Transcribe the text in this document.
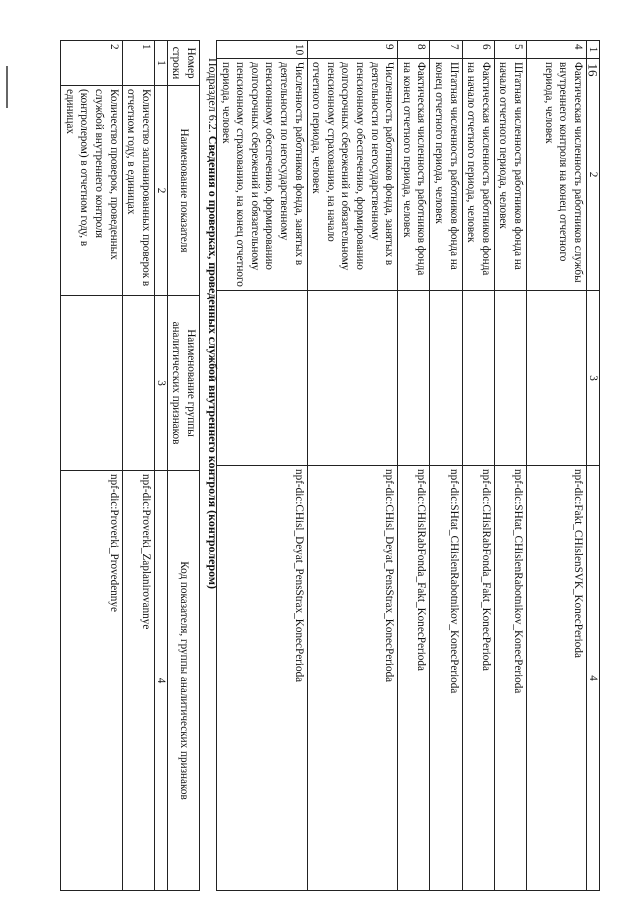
16
1	2	3	4
4	Фактическая численность работников службы внутреннего контроля на конец отчетного периода, человек		npf-dic:Fakt_CHislenSVK_KonecPerioda
5	Штатная численность работников фонда на начало отчетного периода, человек		npf-dic:SHtat_CHislenRabotnikov_KonecPerioda
6	Фактическая численность работников фонда на начало отчетного периода, человек		npf-dic:CHislRabFonda_Fakt_KonecPerioda
7	Штатная численность работников фонда на конец отчетного периода, человек		npf-dic:SHtat_CHislenRabotnikov_KonecPerioda
8	Фактическая численность работников фонда на конец отчетного периода, человек		npf-dic:CHislRabFonda_Fakt_KonecPerioda
9	Численность работников фонда, занятых в деятельности по негосударственному пенсионному обеспечению, формированию долгосрочных сбережений и обязательному пенсионному страхованию, на начало отчетного периода, человек		npf-dic:CHisl_Deyat_PensStrax_KonecPerioda
10	Численность работников фонда, занятых в деятельности по негосударственному пенсионному обеспечению, формированию долгосрочных сбережений и обязательному пенсионному страхованию, на конец отчетного периода, человек		npf-dic:CHisl_Deyat_PensStrax_KonecPerioda
Подраздел 6.2. Сведения о проверках, проведенных службой внутреннего контроля (контролером)
Номер строки	Наименование показателя	Наименование группы аналитических признаков	Код показателя, группы аналитических признаков
1	2	3	4
1	Количество запланированных проверок в отчетном году, в единицах		npf-dic:Proverki_Zaplanirovannye
2	Количество проверок, проведенных службой внутреннего контроля (контролером) в отчетном году, в единицах		npf-dic:Proverki_Provedennye
